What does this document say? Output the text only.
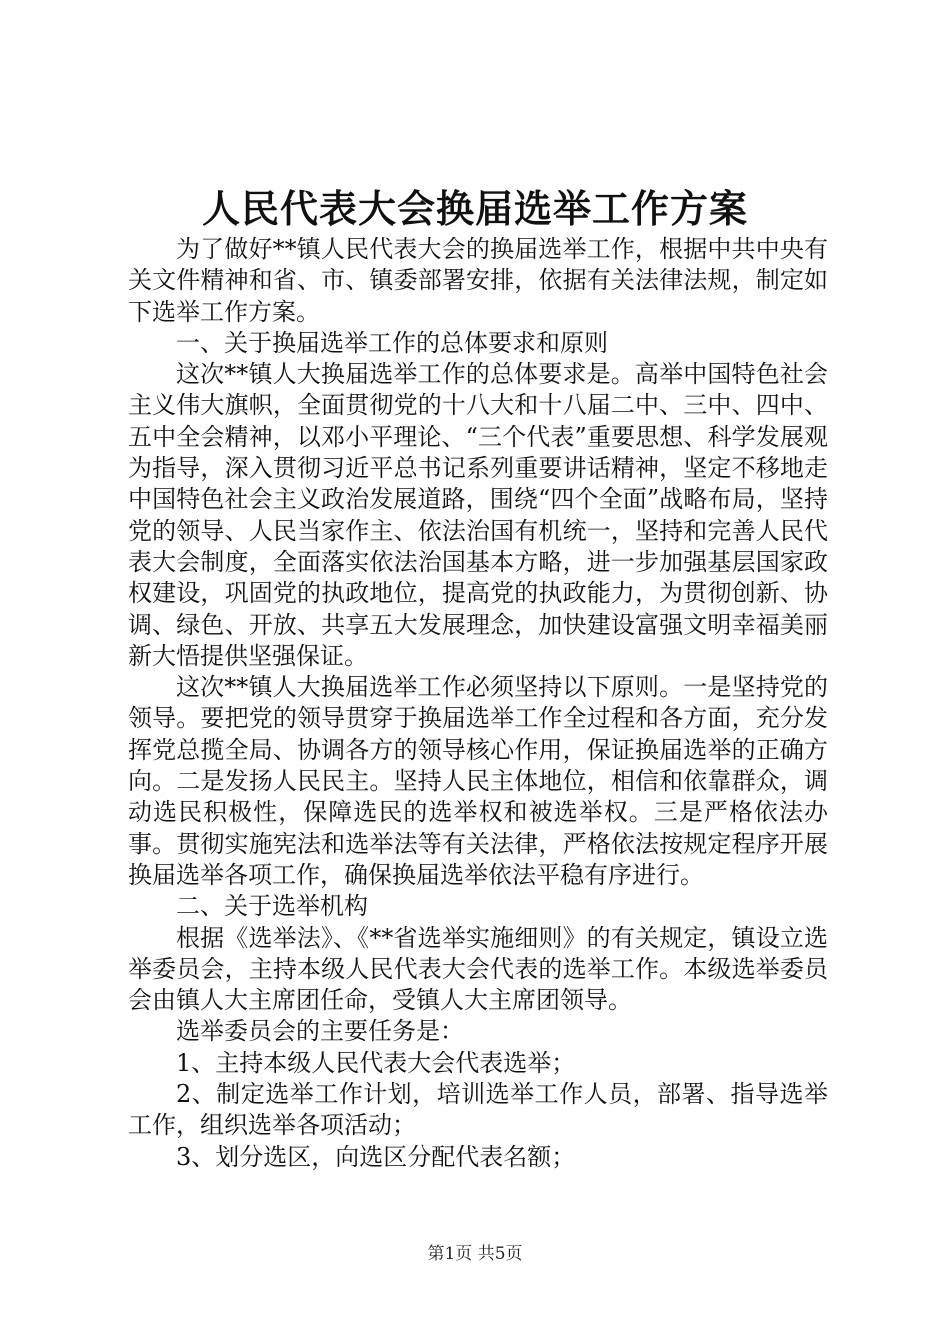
人民代表大会换届选举工作方案

为了做好**镇人民代表大会的换届选举工作，根据中共中央有关文件精神和省、市、镇委部署安排，依据有关法律法规，制定如下选举工作方案。

一、关于换届选举工作的总体要求和原则

这次**镇人大换届选举工作的总体要求是。高举中国特色社会主义伟大旗帜，全面贯彻党的十八大和十八届二中、三中、四中、五中全会精神，以邓小平理论、“三个代表”重要思想、科学发展观为指导，深入贯彻习近平总书记系列重要讲话精神，坚定不移地走中国特色社会主义政治发展道路，围绕“四个全面”战略布局，坚持党的领导、人民当家作主、依法治国有机统一，坚持和完善人民代表大会制度，全面落实依法治国基本方略，进一步加强基层国家政权建设，巩固党的执政地位，提高党的执政能力，为贯彻创新、协调、绿色、开放、共享五大发展理念，加快建设富强文明幸福美丽新大悟提供坚强保证。

这次**镇人大换届选举工作必须坚持以下原则。一是坚持党的领导。要把党的领导贯穿于换届选举工作全过程和各方面，充分发挥党总揽全局、协调各方的领导核心作用，保证换届选举的正确方向。二是发扬人民民主。坚持人民主体地位，相信和依靠群众，调动选民积极性，保障选民的选举权和被选举权。三是严格依法办事。贯彻实施宪法和选举法等有关法律，严格依法按规定程序开展换届选举各项工作，确保换届选举依法平稳有序进行。

二、关于选举机构

根据《选举法》、《**省选举实施细则》的有关规定，镇设立选举委员会，主持本级人民代表大会代表的选举工作。本级选举委员会由镇人大主席团任命，受镇人大主席团领导。

选举委员会的主要任务是：

1、主持本级人民代表大会代表选举；

2、制定选举工作计划，培训选举工作人员，部署、指导选举工作，组织选举各项活动；

3、划分选区，向选区分配代表名额；

第1页 共5页
